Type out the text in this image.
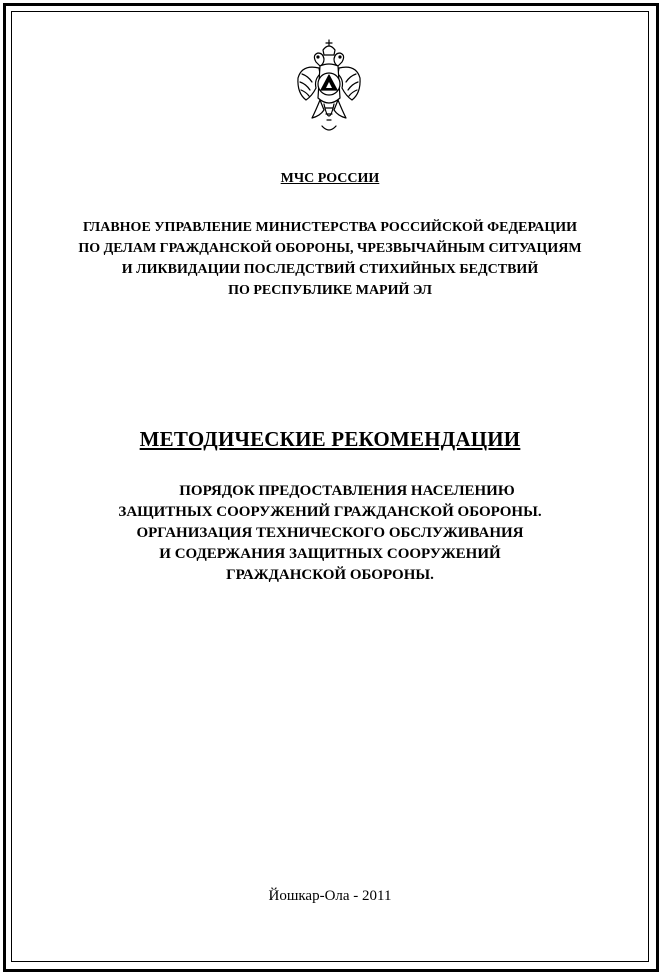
МЧС РОССИИ
ГЛАВНОЕ УПРАВЛЕНИЕ МИНИСТЕРСТВА РОССИЙСКОЙ ФЕДЕРАЦИИ
ПО ДЕЛАМ ГРАЖДАНСКОЙ ОБОРОНЫ, ЧРЕЗВЫЧАЙНЫМ СИТУАЦИЯМ
И ЛИКВИДАЦИИ ПОСЛЕДСТВИЙ СТИХИЙНЫХ БЕДСТВИЙ
ПО РЕСПУБЛИКЕ МАРИЙ ЭЛ
МЕТОДИЧЕСКИЕ РЕКОМЕНДАЦИИ
ПОРЯДОК ПРЕДОСТАВЛЕНИЯ НАСЕЛЕНИЮ
ЗАЩИТНЫХ СООРУЖЕНИЙ ГРАЖДАНСКОЙ ОБОРОНЫ.
ОРГАНИЗАЦИЯ ТЕХНИЧЕСКОГО ОБСЛУЖИВАНИЯ
И СОДЕРЖАНИЯ ЗАЩИТНЫХ СООРУЖЕНИЙ
ГРАЖДАНСКОЙ ОБОРОНЫ.
Йошкар-Ола - 2011
